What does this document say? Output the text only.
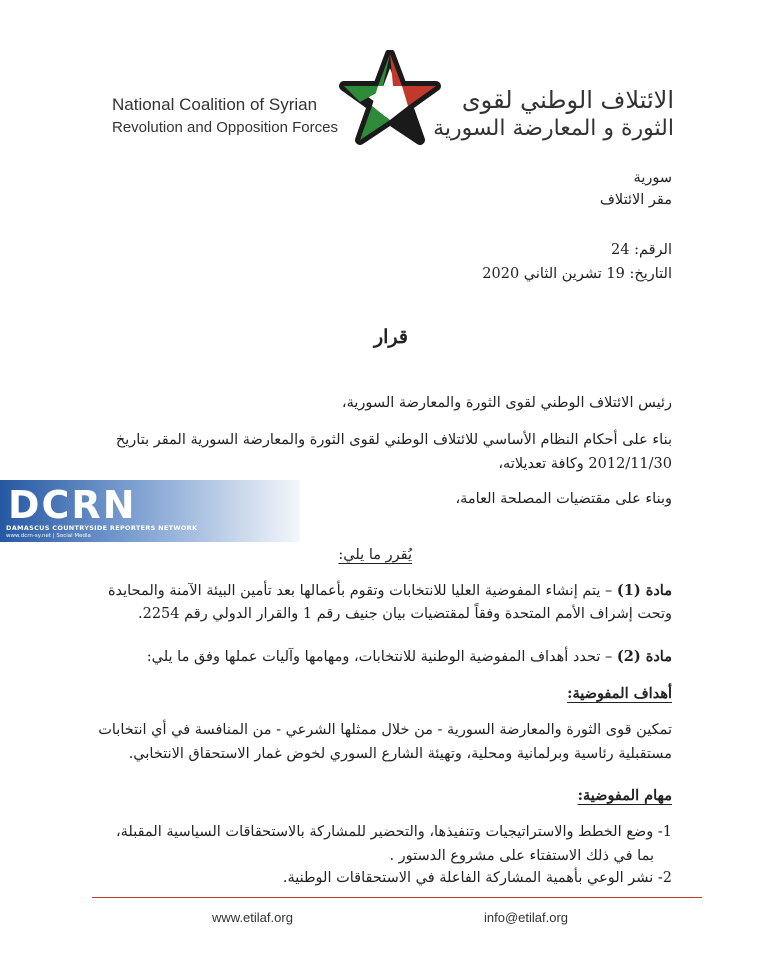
National Coalition of Syrian
Revolution and Opposition Forces
الائتلاف الوطني لقوى
الثورة و المعارضة السورية
سورية
مقر الائتلاف
الرقم: 24
التاريخ: 19 تشرين الثاني 2020
قرار
رئيس الائتلاف الوطني لقوى الثورة والمعارضة السورية،
بناء على أحكام النظام الأساسي للائتلاف الوطني لقوى الثورة والمعارضة السورية المقر بتاريخ
2012/11/30 وكافة تعديلاته،
وبناء على مقتضيات المصلحة العامة،
يُقرر ما يلي:
مادة (1) – يتم إنشاء المفوضية العليا للانتخابات وتقوم بأعمالها بعد تأمين البيئة الآمنة والمحايدة
وتحت إشراف الأمم المتحدة وفقاً لمقتضيات بيان جنيف رقم 1 والقرار الدولي رقم 2254.
مادة (2) – تحدد أهداف المفوضية الوطنية للانتخابات، ومهامها وآليات عملها وفق ما يلي:
أهداف المفوضية:
تمكين قوى الثورة والمعارضة السورية - من خلال ممثلها الشرعي - من المنافسة في أي انتخابات
مستقبلية رئاسية وبرلمانية ومحلية، وتهيئة الشارع السوري لخوض غمار الاستحقاق الانتخابي.
مهام المفوضية:
1- وضع الخطط والاستراتيجيات وتنفيذها، والتحضير للمشاركة بالاستحقاقات السياسية المقبلة،
بما في ذلك الاستفتاء على مشروع الدستور .
2- نشر الوعي بأهمية المشاركة الفاعلة في الاستحقاقات الوطنية.
DCRN
DAMASCUS COUNTRYSIDE REPORTERS NETWORK
www.dcrn-sy.net | Social Media
www.etilaf.org	info@etilaf.org
